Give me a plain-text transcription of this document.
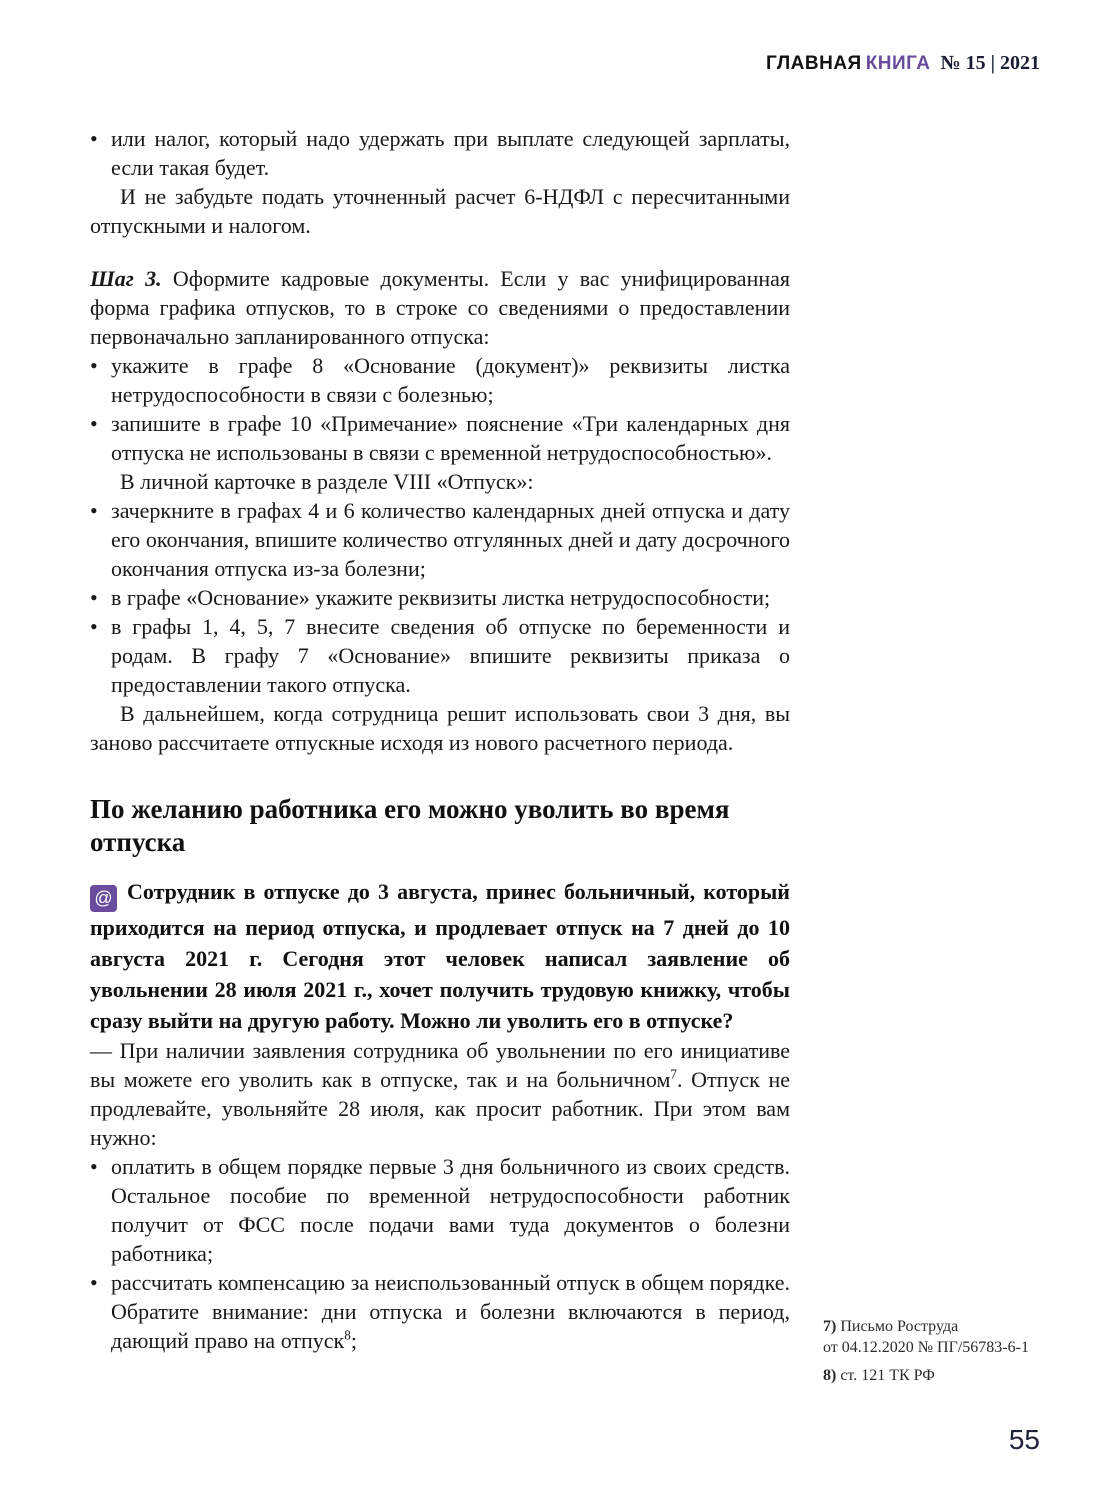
ГЛАВНАЯ КНИГА № 15 | 2021
• или налог, который надо удержать при выплате следующей зарплаты, если такая будет.
И не забудьте подать уточненный расчет 6-НДФЛ с пересчитанными отпускными и налогом.
Шаг 3. Оформите кадровые документы. Если у вас унифицированная форма графика отпусков, то в строке со сведениями о предоставлении первоначально запланированного отпуска:
• укажите в графе 8 «Основание (документ)» реквизиты листка нетрудоспособности в связи с болезнью;
• запишите в графе 10 «Примечание» пояснение «Три календарных дня отпуска не использованы в связи с временной нетрудоспособностью».
В личной карточке в разделе VIII «Отпуск»:
• зачеркните в графах 4 и 6 количество календарных дней отпуска и дату его окончания, впишите количество отгулянных дней и дату досрочного окончания отпуска из-за болезни;
• в графе «Основание» укажите реквизиты листка нетрудоспособности;
• в графы 1, 4, 5, 7 внесите сведения об отпуске по беременности и родам. В графу 7 «Основание» впишите реквизиты приказа о предоставлении такого отпуска.
В дальнейшем, когда сотрудница решит использовать свои 3 дня, вы заново рассчитаете отпускные исходя из нового расчетного периода.
По желанию работника его можно уволить во время отпуска
@ Сотрудник в отпуске до 3 августа, принес больничный, который приходится на период отпуска, и продлевает отпуск на 7 дней до 10 августа 2021 г. Сегодня этот человек написал заявление об увольнении 28 июля 2021 г., хочет получить трудовую книжку, чтобы сразу выйти на другую работу. Можно ли уволить его в отпуске?
— При наличии заявления сотрудника об увольнении по его инициативе вы можете его уволить как в отпуске, так и на больничном$^7$. Отпуск не продлевайте, увольняйте 28 июля, как просит работник. При этом вам нужно:
• оплатить в общем порядке первые 3 дня больничного из своих средств. Остальное пособие по временной нетрудоспособности работник получит от ФСС после подачи вами туда документов о болезни работника;
• рассчитать компенсацию за неиспользованный отпуск в общем порядке. Обратите внимание: дни отпуска и болезни включаются в период, дающий право на отпуск$^8$;
7) Письмо Роструда
от 04.12.2020 № ПГ/56783-6-1
8) ст. 121 ТК РФ
55
